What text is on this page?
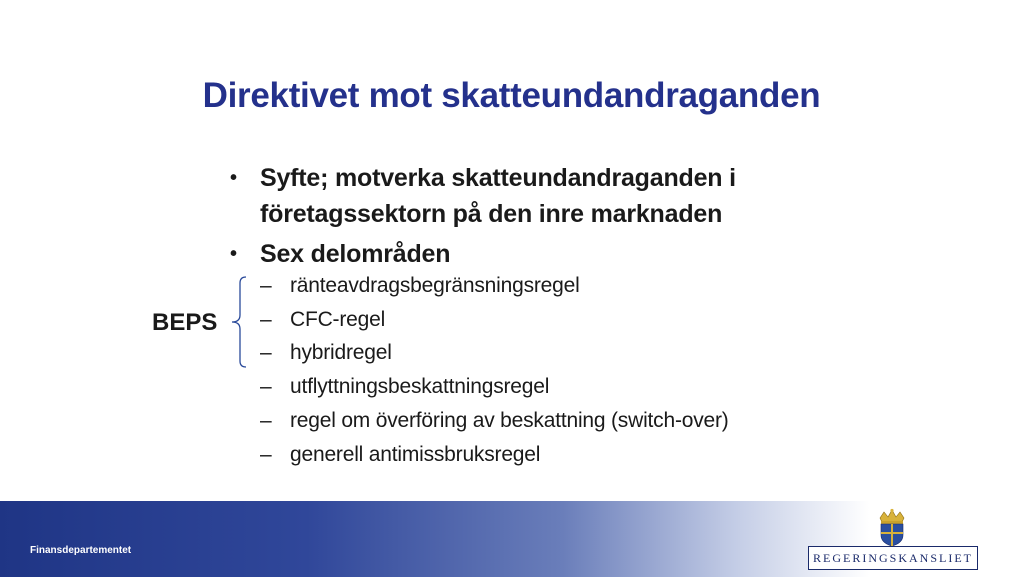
Direktivet mot skatteundandraganden
• Syfte; motverka skatteundandraganden i företagssektorn på den inre marknaden
• Sex delområden
– ränteavdragsbegränsningsregel
– CFC-regel
– hybridregel
– utflyttningsbeskattningsregel
– regel om överföring av beskattning (switch-over)
– generell antimissbruksregel
BEPS
Finansdepartementet
REGERINGSKANSLIET
